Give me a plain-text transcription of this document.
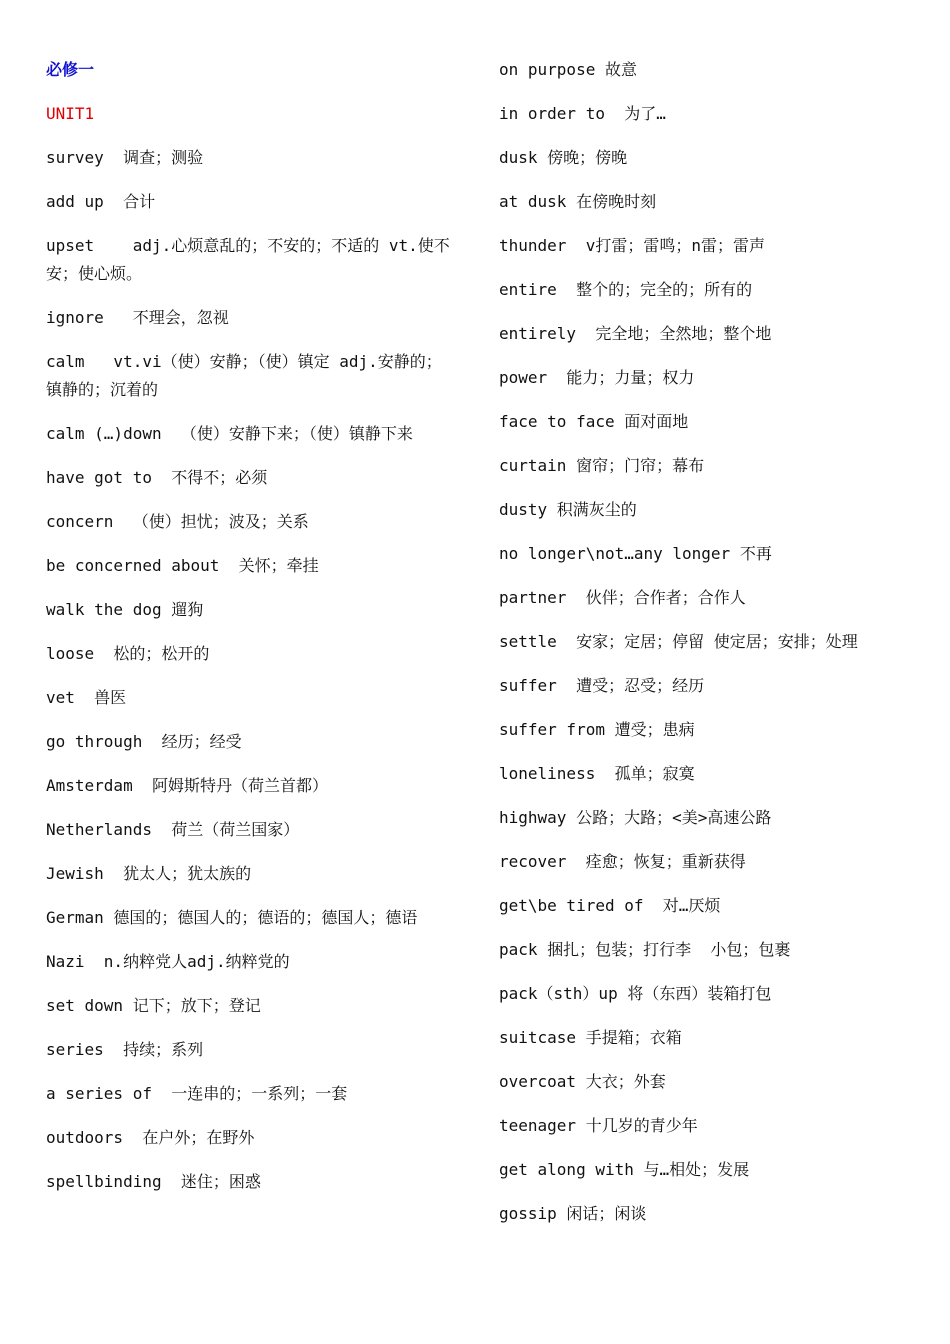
必修一
UNIT1
survey  调查；测验
add up  合计
upset    adj.心烦意乱的；不安的；不适的 vt.使不安；使心烦。
ignore   不理会，忽视
calm   vt.vi（使）安静；（使）镇定 adj.安静的；镇静的；沉着的
calm (…)down  （使）安静下来；（使）镇静下来
have got to  不得不；必须
concern  （使）担忧；波及；关系
be concerned about  关怀；牵挂
walk the dog 遛狗
loose  松的；松开的
vet  兽医
go through  经历；经受
Amsterdam  阿姆斯特丹（荷兰首都）
Netherlands  荷兰（荷兰国家）
Jewish  犹太人；犹太族的
German 德国的；德国人的；德语的；德国人；德语
Nazi  n.纳粹党人adj.纳粹党的
set down 记下；放下；登记
series  持续；系列
a series of  一连串的；一系列；一套
outdoors  在户外；在野外
spellbinding  迷住；困惑
on purpose 故意
in order to  为了…
dusk 傍晚；傍晚
at dusk 在傍晚时刻
thunder  v打雷；雷鸣；n雷；雷声
entire  整个的；完全的；所有的
entirely  完全地；全然地；整个地
power  能力；力量；权力
face to face 面对面地
curtain 窗帘；门帘；幕布
dusty 积满灰尘的
no longer\not…any longer 不再
partner  伙伴；合作者；合作人
settle  安家；定居；停留 使定居；安排；处理
suffer  遭受；忍受；经历
suffer from 遭受；患病
loneliness  孤单；寂寞
highway 公路；大路；<美>高速公路
recover  痊愈；恢复；重新获得
get\be tired of  对…厌烦
pack 捆扎；包装；打行李  小包；包裹
pack（sth）up 将（东西）装箱打包
suitcase 手提箱；衣箱
overcoat 大衣；外套
teenager 十几岁的青少年
get along with 与…相处；发展
gossip 闲话；闲谈
